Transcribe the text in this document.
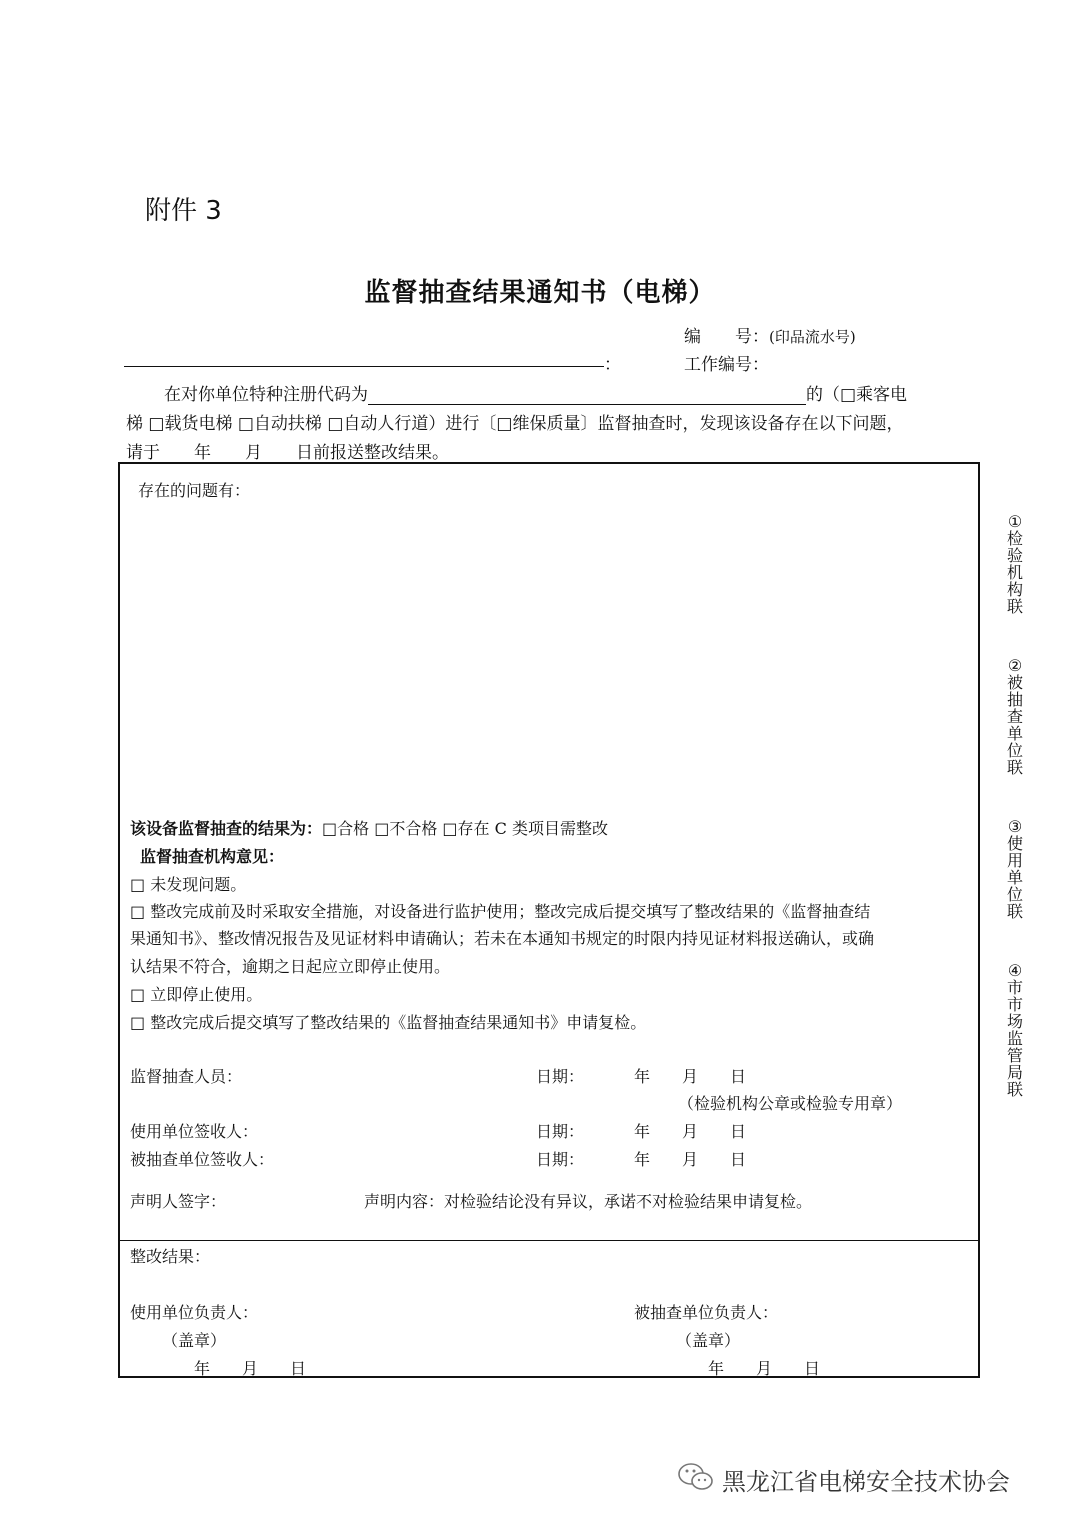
附件 3
监督抽查结果通知书（电梯）
编　　号：(印品流水号)
：	工作编号：
在对你单位特种注册代码为	的（□乘客电
梯 □载货电梯 □自动扶梯 □自动人行道）进行〔□维保质量〕监督抽查时，发现该设备存在以下问题，
请于 年 月 日前报送整改结果。
存在的问题有：
该设备监督抽查的结果为：□合格 □不合格 □存在 C 类项目需整改
监督抽查机构意见：
□ 未发现问题。
□ 整改完成前及时采取安全措施，对设备进行监护使用；整改完成后提交填写了整改结果的《监督抽查结
果通知书》、整改情况报告及见证材料申请确认；若未在本通知书规定的时限内持见证材料报送确认，或确
认结果不符合，逾期之日起应立即停止使用。
□ 立即停止使用。
□ 整改完成后提交填写了整改结果的《监督抽查结果通知书》申请复检。
监督抽查人员：	日期：	年　　月　　日
（检验机构公章或检验专用章）
使用单位签收人：	日期：	年　　月　　日
被抽查单位签收人：	日期：	年　　月　　日
声明人签字：	声明内容：对检验结论没有异议，承诺不对检验结果申请复检。
整改结果：
使用单位负责人：	被抽查单位负责人：
（盖章）	（盖章）
年　　月　　日	年　　月　　日
①
检
验
机
构
联
②
被
抽
查
单
位
联
③
使
用
单
位
联
④
市
市
场
监
管
局
联
黑龙江省电梯安全技术协会
